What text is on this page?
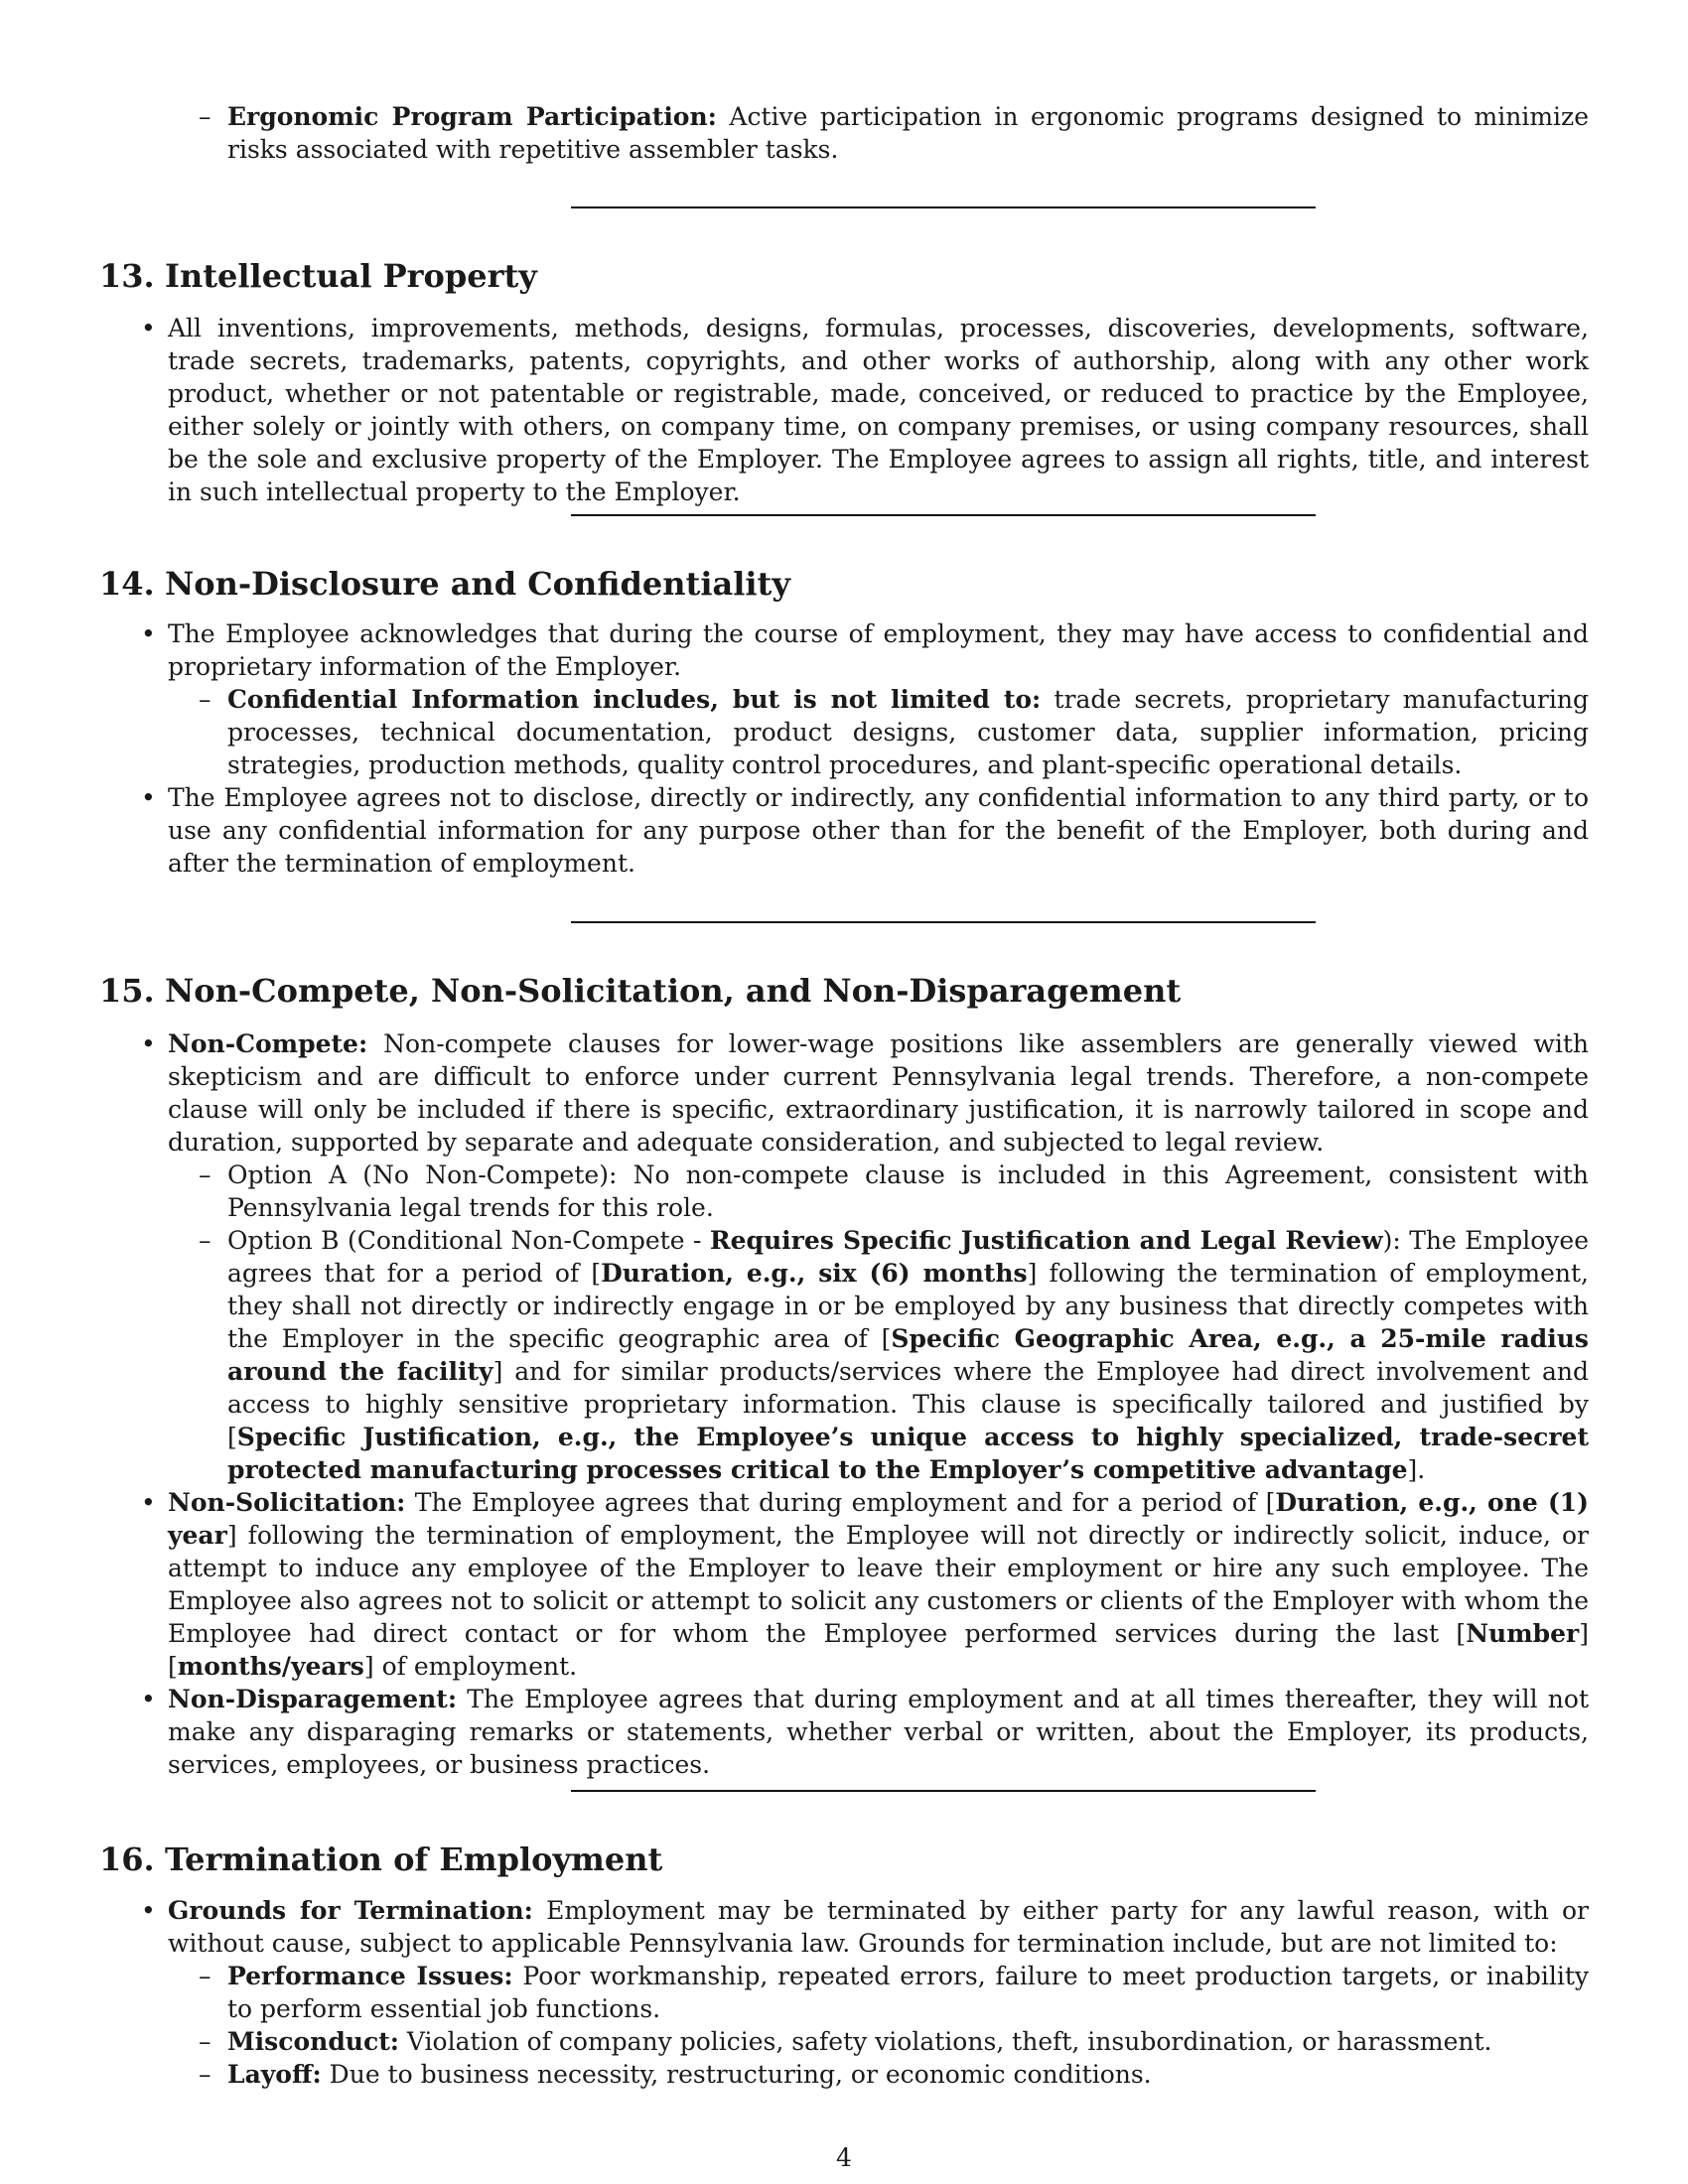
– Ergonomic Program Participation: Active participation in ergonomic programs designed to minimize risks associated with repetitive assembler tasks.
13. Intellectual Property
• All inventions, improvements, methods, designs, formulas, processes, discoveries, developments, software, trade secrets, trademarks, patents, copyrights, and other works of authorship, along with any other work product, whether or not patentable or registrable, made, conceived, or reduced to practice by the Employee, either solely or jointly with others, on company time, on company premises, or using company resources, shall be the sole and exclusive property of the Employer. The Employee agrees to assign all rights, title, and interest in such intellectual property to the Employer.
14. Non-Disclosure and Confidentiality
• The Employee acknowledges that during the course of employment, they may have access to confidential and proprietary information of the Employer.
– Confidential Information includes, but is not limited to: trade secrets, proprietary manufacturing processes, technical documentation, product designs, customer data, supplier information, pricing strategies, production methods, quality control procedures, and plant-specific operational details.
• The Employee agrees not to disclose, directly or indirectly, any confidential information to any third party, or to use any confidential information for any purpose other than for the benefit of the Employer, both during and after the termination of employment.
15. Non-Compete, Non-Solicitation, and Non-Disparagement
• Non-Compete: Non-compete clauses for lower-wage positions like assemblers are generally viewed with skepticism and are difficult to enforce under current Pennsylvania legal trends. Therefore, a non-compete clause will only be included if there is specific, extraordinary justification, it is narrowly tailored in scope and duration, supported by separate and adequate consideration, and subjected to legal review.
– Option A (No Non-Compete): No non-compete clause is included in this Agreement, consistent with Pennsylvania legal trends for this role.
– Option B (Conditional Non-Compete - Requires Specific Justification and Legal Review): The Employee agrees that for a period of [Duration, e.g., six (6) months] following the termination of employment, they shall not directly or indirectly engage in or be employed by any business that directly competes with the Employer in the specific geographic area of [Specific Geographic Area, e.g., a 25-mile radius around the facility] and for similar products/services where the Employee had direct involvement and access to highly sensitive proprietary information. This clause is specifically tailored and justified by [Specific Justification, e.g., the Employee’s unique access to highly specialized, trade-secret protected manufacturing processes critical to the Employer’s competitive advantage].
• Non-Solicitation: The Employee agrees that during employment and for a period of [Duration, e.g., one (1) year] following the termination of employment, the Employee will not directly or indirectly solicit, induce, or attempt to induce any employee of the Employer to leave their employment or hire any such employee. The Employee also agrees not to solicit or attempt to solicit any customers or clients of the Employer with whom the Employee had direct contact or for whom the Employee performed services during the last [Number] [months/years] of employment.
• Non-Disparagement: The Employee agrees that during employment and at all times thereafter, they will not make any disparaging remarks or statements, whether verbal or written, about the Employer, its products, services, employees, or business practices.
16. Termination of Employment
• Grounds for Termination: Employment may be terminated by either party for any lawful reason, with or without cause, subject to applicable Pennsylvania law. Grounds for termination include, but are not limited to:
– Performance Issues: Poor workmanship, repeated errors, failure to meet production targets, or inability to perform essential job functions.
– Misconduct: Violation of company policies, safety violations, theft, insubordination, or harassment.
– Layoff: Due to business necessity, restructuring, or economic conditions.
4
